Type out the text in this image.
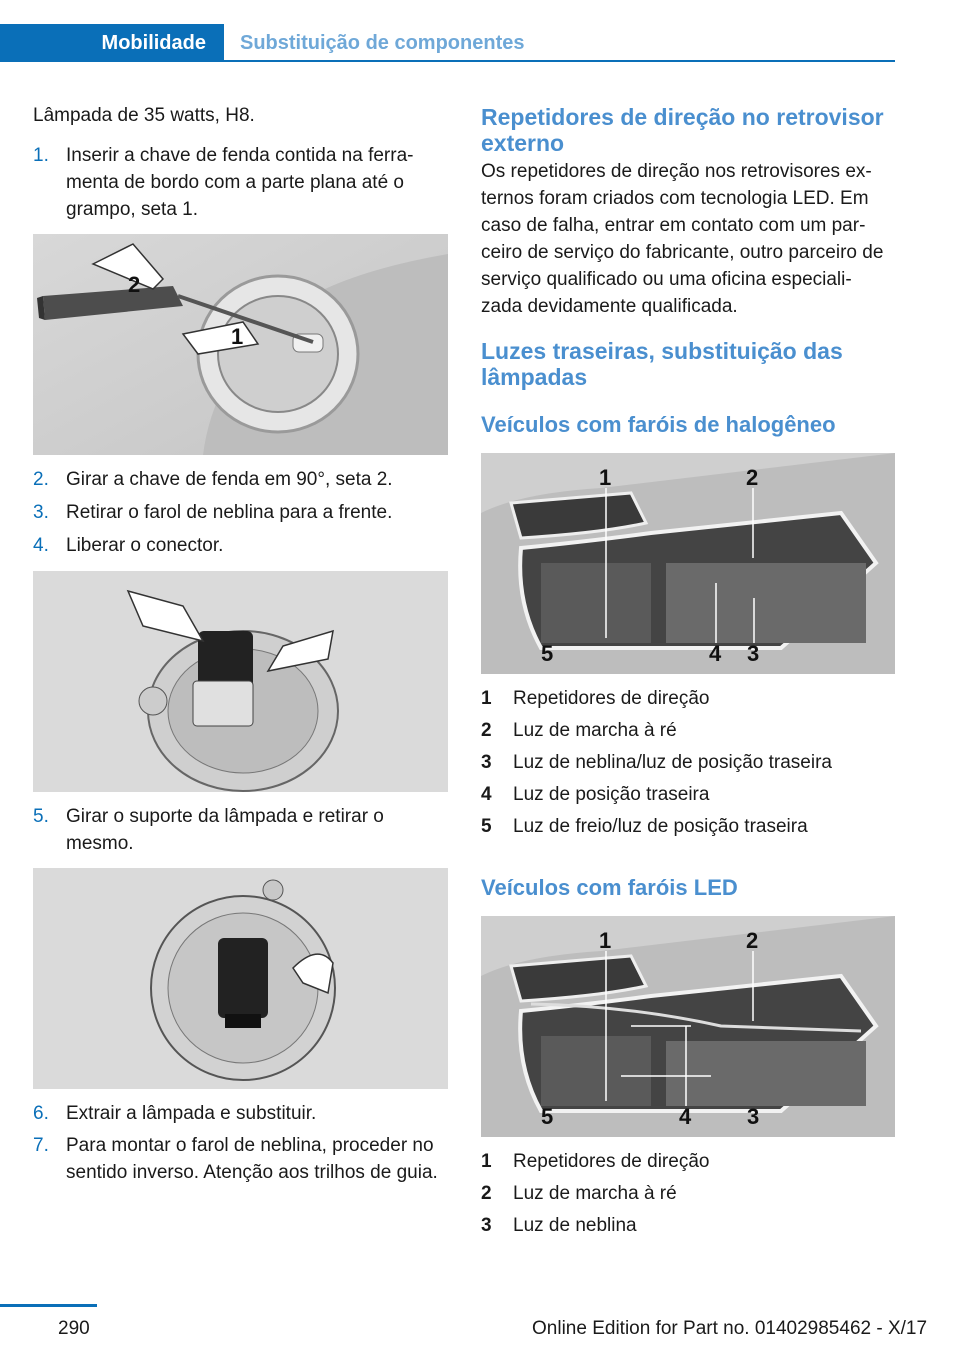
Mobilidade	Substituição de componentes

Lâmpada de 35 watts, H8.

1. Inserir a chave de fenda contida na ferra‐ menta de bordo com a parte plana até o grampo, seta 1.
2
1
2. Girar a chave de fenda em 90°, seta 2.
3. Retirar o farol de neblina para a frente.
4. Liberar o conector.
5. Girar o suporte da lâmpada e retirar o mesmo.
6. Extrair a lâmpada e substituir.
7. Para montar o farol de neblina, proceder no sentido inverso. Atenção aos trilhos de guia.
Repetidores de direção no retrovisor externo

Os repetidores de direção nos retrovisores ex‐ ternos foram criados com tecnologia LED. Em caso de falha, entrar em contato com um par‐ ceiro de serviço do fabricante, outro parceiro de serviço qualificado ou uma oficina especiali‐ zada devidamente qualificada.

Luzes traseiras, substituição das lâmpadas
Veículos com faróis de halogêneo
1	2
5	4 3
1 Repetidores de direção
2 Luz de marcha à ré
3 Luz de neblina/luz de posição traseira
4 Luz de posição traseira
5 Luz de freio/luz de posição traseira
Veículos com faróis LED
1	2
5	4	3
1 Repetidores de direção
2 Luz de marcha à ré
3 Luz de neblina
290	Online Edition for Part no. 01402985462 - X/17
